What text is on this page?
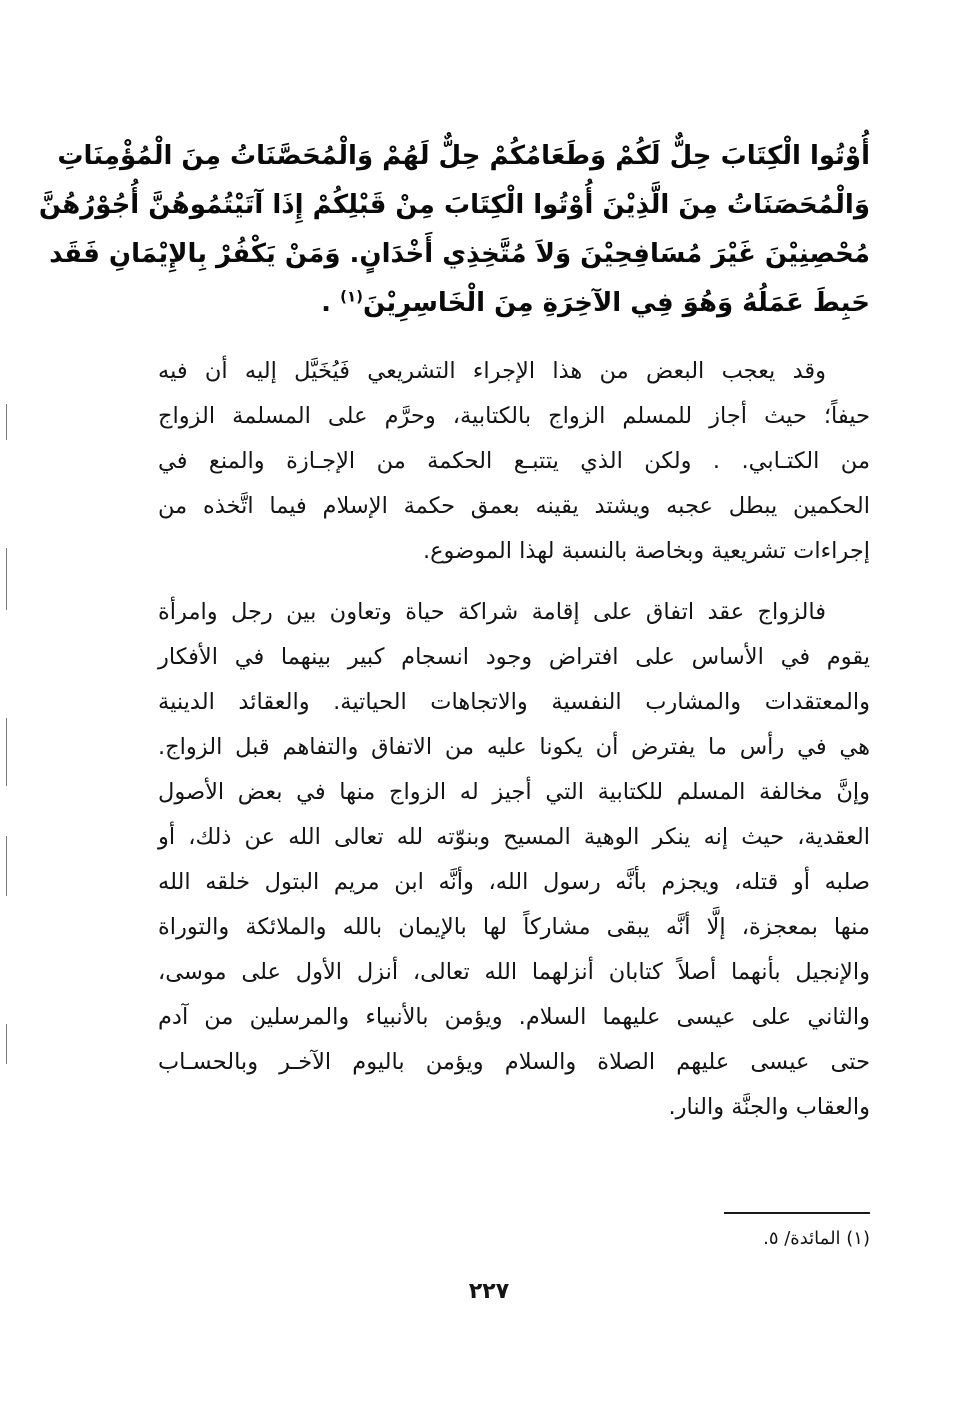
أُوْتُوا الْكِتَابَ حِلٌّ لَكُمْ وَطَعَامُكُمْ حِلٌّ لَهُمْ وَالْمُحَصَّنَاتُ مِنَ الْمُؤْمِنَاتِ
وَالْمُحَصَنَاتُ مِنَ الَّذِيْنَ أُوْتُوا الْكِتَابَ مِنْ قَبْلِكُمْ إِذَا آتَيْتُمُوهُنَّ أُجُوْرُهُنَّ
مُحْصِنِيْنَ غَيْرَ مُسَافِحِيْنَ وَلاَ مُتَّخِذِي أَخْدَانٍ. وَمَنْ يَكْفُرْ بِالإِيْمَانِ فَقَد
حَبِطَ عَمَلُهُ وَهُوَ فِي الآخِرَةِ مِنَ الْخَاسِرِيْنَ$^{(١)}$ .
وقد يعجب البعض من هذا الإجراء التشريعي فَيُخَيَّل إليه أن فيه
حيفاً؛ حيث أجاز للمسلم الزواج بالكتابية، وحرَّم على المسلمة الزواج
من الكتـابي. . ولكن الذي يتتبـع الحكمة من الإجـازة والمنع في
الحكمين يبطل عجبه ويشتد يقينه بعمق حكمة الإسلام فيما اتَّخذه من
إجراءات تشريعية وبخاصة بالنسبة لهذا الموضوع.
فالزواج عقد اتفاق على إقامة شراكة حياة وتعاون بين رجل وامرأة
يقوم في الأساس على افتراض وجود انسجام كبير بينهما في الأفكار
والمعتقدات والمشارب النفسية والاتجاهات الحياتية. والعقائد الدينية
هي في رأس ما يفترض أن يكونا عليه من الاتفاق والتفاهم قبل الزواج.
وإنَّ مخالفة المسلم للكتابية التي أجيز له الزواج منها في بعض الأصول
العقدية، حيث إنه ينكر الوهية المسيح وبنوّته لله تعالى الله عن ذلك، أو
صلبه أو قتله، ويجزم بأنَّه رسول الله، وأنَّه ابن مريم البتول خلقه الله
منها بمعجزة، إلَّا أنَّه يبقى مشاركاً لها بالإيمان بالله والملائكة والتوراة
والإنجيل بأنهما أصلاً كتابان أنزلهما الله تعالى، أنزل الأول على موسى،
والثاني على عيسى عليهما السلام. ويؤمن بالأنبياء والمرسلين من آدم
حتى عيسى عليهم الصلاة والسلام ويؤمن باليوم الآخـر وبالحسـاب
والعقاب والجنَّة والنار.
(١) المائدة/ ٥.
٢٢٧
